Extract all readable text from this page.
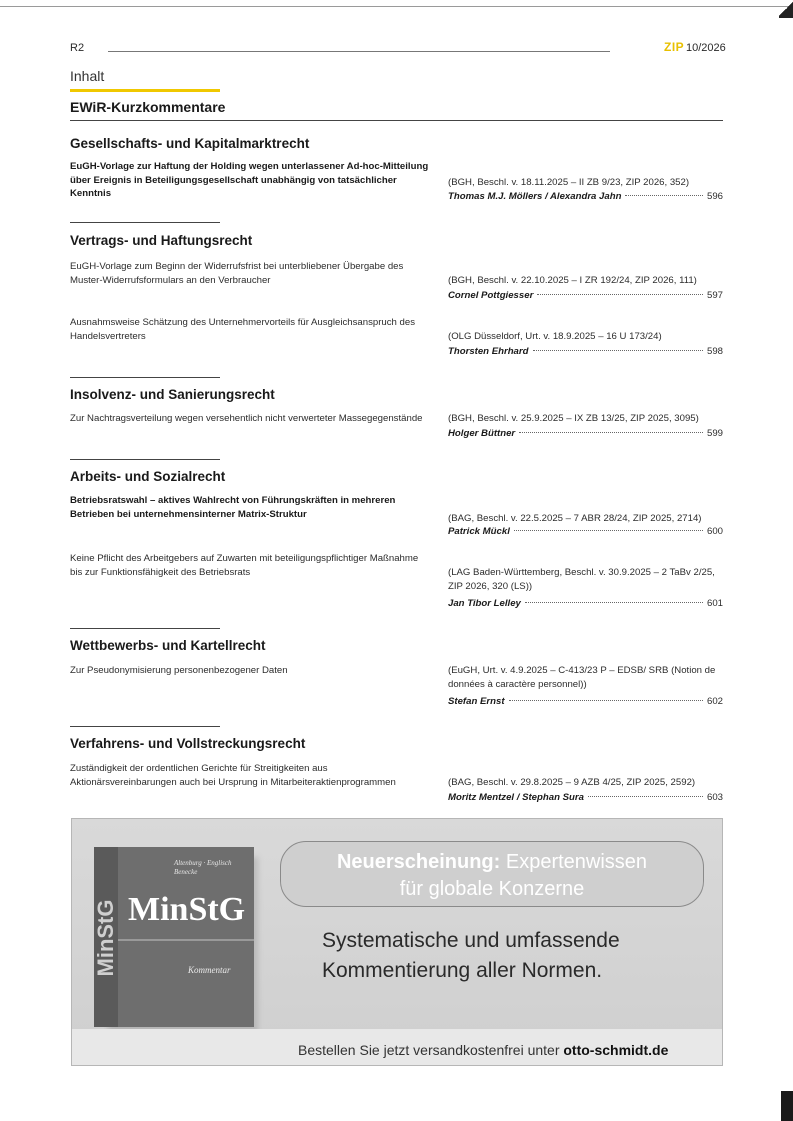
R2	ZIP 10/2026
Inhalt
EWiR-Kurzkommentare
Gesellschafts- und Kapitalmarktrecht
EuGH-Vorlage zur Haftung der Holding wegen unterlassener Ad-hoc-Mitteilung über Ereignis in Beteiligungsgesellschaft unabhängig von tatsächlicher Kenntnis
(BGH, Beschl. v. 18.11.2025 – II ZB 9/23, ZIP 2026, 352)
Thomas M.J. Möllers / Alexandra Jahn	596
Vertrags- und Haftungsrecht
EuGH-Vorlage zum Beginn der Widerrufsfrist bei unterbliebener Übergabe des Muster-Widerrufsformulars an den Verbraucher	(BGH, Beschl. v. 22.10.2025 – I ZR 192/24, ZIP 2026, 111)
Cornel Pottgiesser	597
Ausnahmsweise Schätzung des Unternehmervorteils für Ausgleichsanspruch des Handelsvertreters	(OLG Düsseldorf, Urt. v. 18.9.2025 – 16 U 173/24)
Thorsten Ehrhard	598
Insolvenz- und Sanierungsrecht
Zur Nachtragsverteilung wegen versehentlich nicht verwerteter Massegegenstände	(BGH, Beschl. v. 25.9.2025 – IX ZB 13/25, ZIP 2025, 3095)
Holger Büttner	599
Arbeits- und Sozialrecht
Betriebsratswahl – aktives Wahlrecht von Führungskräften in mehreren Betrieben bei unternehmensinterner Matrix-Struktur	(BAG, Beschl. v. 22.5.2025 – 7 ABR 28/24, ZIP 2025, 2714)
Patrick Mückl	600
Keine Pflicht des Arbeitgebers auf Zuwarten mit beteiligungspflichtiger Maßnahme bis zur Funktionsfähigkeit des Betriebsrats	(LAG Baden-Württemberg, Beschl. v. 30.9.2025 – 2 TaBv 2/25, ZIP 2026, 320 (LS))
Jan Tibor Lelley	601
Wettbewerbs- und Kartellrecht
Zur Pseudonymisierung personenbezogener Daten	(EuGH, Urt. v. 4.9.2025 – C-413/23 P – EDSB/ SRB (Notion de données à caractère personnel))
Stefan Ernst	602
Verfahrens- und Vollstreckungsrecht
Zuständigkeit der ordentlichen Gerichte für Streitigkeiten aus Aktionärsvereinbarungen auch bei Ursprung in Mitarbeiteraktienprogrammen	(BAG, Beschl. v. 29.8.2025 – 9 AZB 4/25, ZIP 2025, 2592)
Moritz Mentzel / Stephan Sura	603
MinStG
Altenburg · Englisch
Benecke
MinStG
Kommentar
Neuerscheinung: Expertenwissen
für globale Konzerne
Systematische und umfassende
Kommentierung aller Normen.
Bestellen Sie jetzt versandkostenfrei unter otto-schmidt.de
